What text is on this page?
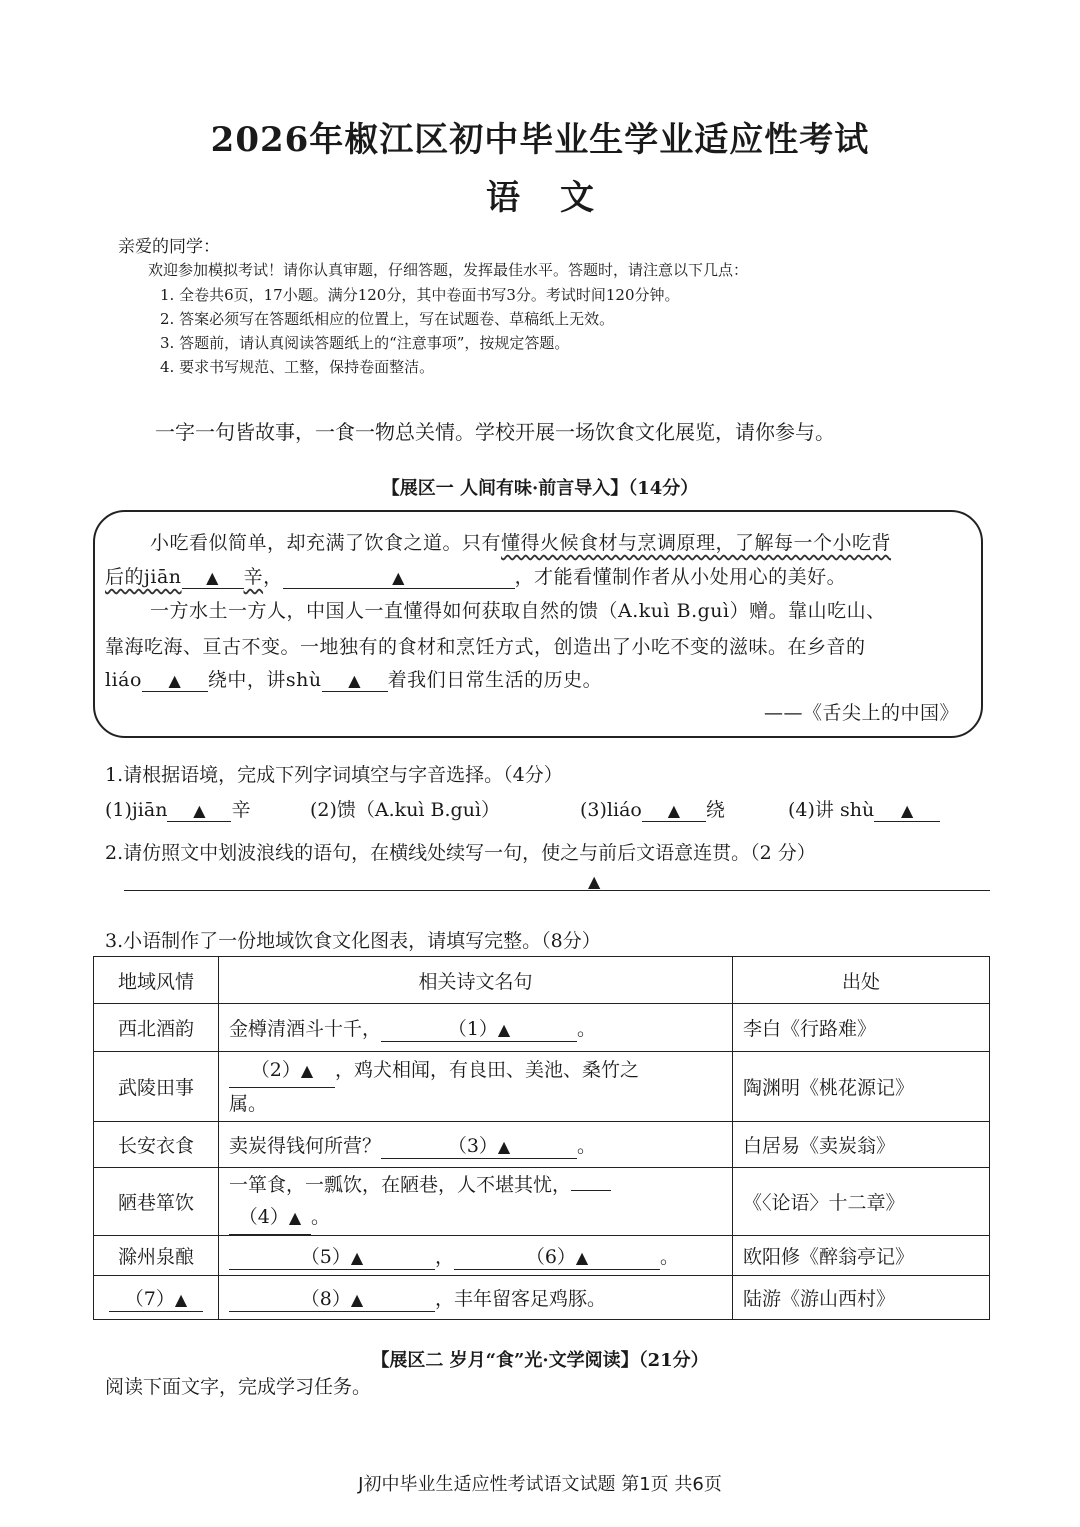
2026年椒江区初中毕业生学业适应性考试
语文
亲爱的同学：
欢迎参加模拟考试！请你认真审题，仔细答题，发挥最佳水平。答题时，请注意以下几点：
1. 全卷共6页，17小题。满分120分，其中卷面书写3分。考试时间120分钟。
2. 答案必须写在答题纸相应的位置上，写在试题卷、草稿纸上无效。
3. 答题前，请认真阅读答题纸上的“注意事项”，按规定答题。
4. 要求书写规范、工整，保持卷面整洁。
一字一句皆故事，一食一物总关情。学校开展一场饮食文化展览，请你参与。
【展区一 人间有味·前言导入】（14分）
小吃看似简单，却充满了饮食之道。只有懂得火候食材与烹调原理，了解每一个小吃背
后的jiān ▲ 辛，	▲	，才能看懂制作者从小处用心的美好。
一方水土一方人，中国人一直懂得如何获取自然的馈（A.kuì B.guì）赠。靠山吃山、
靠海吃海、亘古不变。一地独有的食材和烹饪方式，创造出了小吃不变的滋味。在乡音的
liáo ▲ 绕中，讲shù ▲ 着我们日常生活的历史。
——《舌尖上的中国》
1.请根据语境，完成下列字词填空与字音选择。（4分）
(1)jiān ▲ 辛	(2)馈（A.kuì B.guì）	(3)liáo ▲ 绕	(4)讲 shù ▲
2.请仿照文中划波浪线的语句，在横线处续写一句，使之与前后文语意连贯。（2 分）
▲
3.小语制作了一份地域饮食文化图表，请填写完整。（8分）
地域风情	相关诗文名句	出处
西北酒韵	金樽清酒斗十千， （1）▲ 。	李白《行路难》
武陵田事	（2）▲ ，鸡犬相闻，有良田、美池、桑竹之
属。	陶渊明《桃花源记》
长安衣食	卖炭得钱何所营？ （3）▲ 。	白居易《卖炭翁》
陋巷箪饮	一箪食，一瓢饮，在陋巷，人不堪其忧，
（4）▲ 。	《〈论语〉十二章》
滁州泉酿	（5）▲ ， （6）▲ 。	欧阳修《醉翁亭记》
（7）▲	（8）▲ ，丰年留客足鸡豚。	陆游《游山西村》
【展区二 岁月“食”光·文学阅读】（21分）
阅读下面文字，完成学习任务。
J初中毕业生适应性考试语文试题 第1页 共6页
